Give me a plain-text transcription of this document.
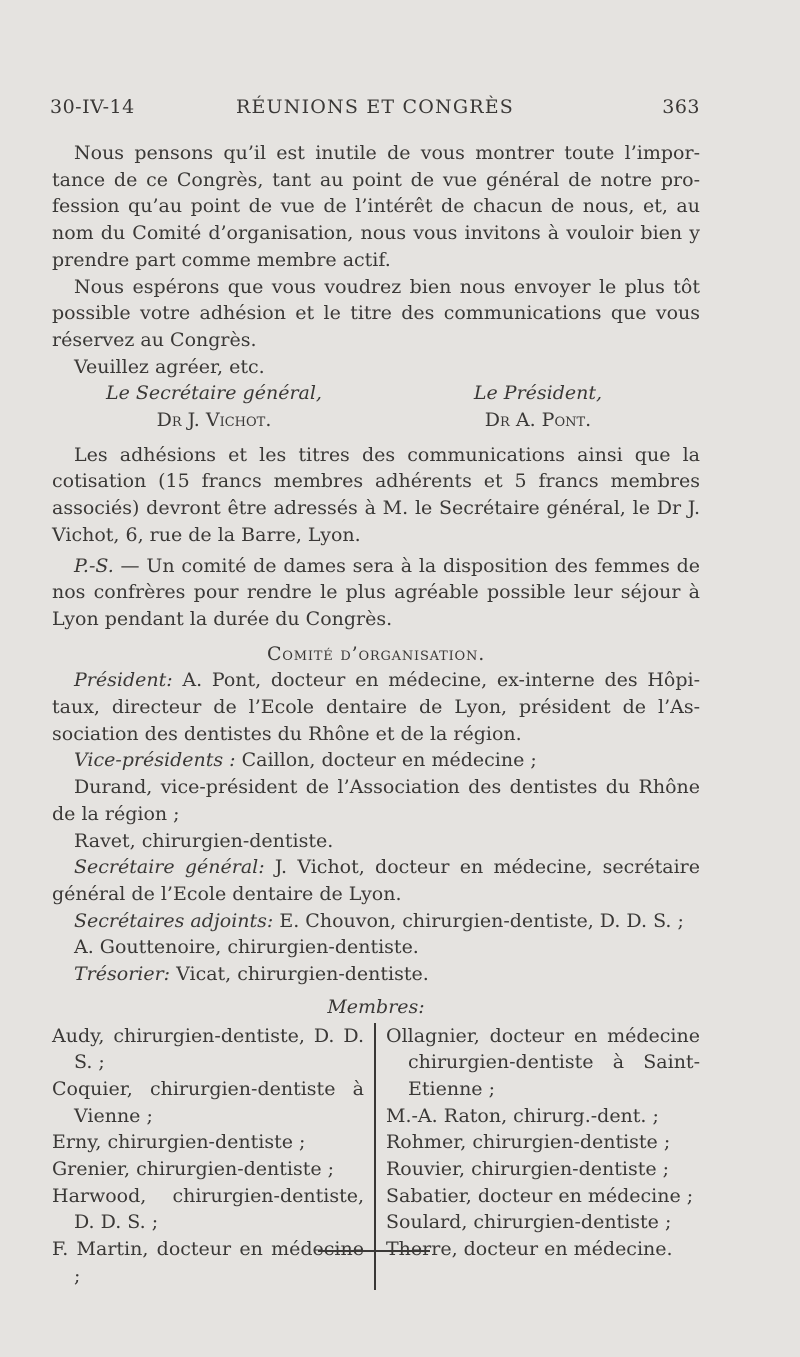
30-IV-14	RÉUNIONS ET CONGRÈS	363

Nous pensons qu’il est inutile de vous montrer toute l’importance de ce Congrès, tant au point de vue général de notre profession qu’au point de vue de l’intérêt de chacun de nous, et, au nom du Comité d’organisation, nous vous invitons à vouloir bien y prendre part comme membre actif.

Nous espérons que vous voudrez bien nous envoyer le plus tôt possible votre adhésion et le titre des communications que vous réservez au Congrès.

Veuillez agréer, etc.

Le Secrétaire général,	Le Président,
Dr J. Vichot.	Dr A. Pont.

Les adhésions et les titres des communications ainsi que la cotisation (15 francs membres adhérents et 5 francs membres associés) devront être adressés à M. le Secrétaire général, le Dr J. Vichot, 6, rue de la Barre, Lyon.

P.-S. — Un comité de dames sera à la disposition des femmes de nos confrères pour rendre le plus agréable possible leur séjour à Lyon pendant la durée du Congrès.

Comité d’organisation.

Président: A. Pont, docteur en médecine, ex-interne des Hôpitaux, directeur de l’Ecole dentaire de Lyon, président de l’Association des dentistes du Rhône et de la région.

Vice-présidents : Caillon, docteur en médecine ;

Durand, vice-président de l’Association des dentistes du Rhône de la région ;

Ravet, chirurgien-dentiste.

Secrétaire général: J. Vichot, docteur en médecine, secrétaire général de l’Ecole dentaire de Lyon.

Secrétaires adjoints: E. Chouvon, chirurgien-dentiste, D. D. S. ;

A. Gouttenoire, chirurgien-dentiste.

Trésorier: Vicat, chirurgien-dentiste.

Membres:
Audy, chirurgien-dentiste, D. D. S. ;
Coquier, chirurgien-dentiste à Vienne ;
Erny, chirurgien-dentiste ;
Grenier, chirurgien-dentiste ;
Harwood, chirurgien-dentiste, D. D. S. ;
F. Martin, docteur en médecine ;
Ollagnier, docteur en médecine chirurgien-dentiste à Saint-Etienne ;
M.-A. Raton, chirurg.-dent. ;
Rohmer, chirurgien-dentiste ;
Rouvier, chirurgien-dentiste ;
Sabatier, docteur en médecine ;
Soulard, chirurgien-dentiste ;
Therre, docteur en médecine.
